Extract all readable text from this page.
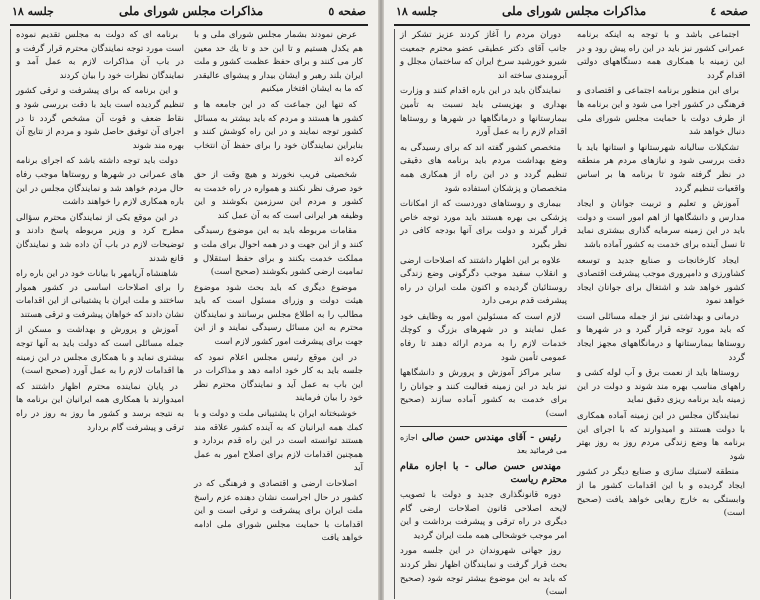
صفحه ٥
مذاكرات مجلس شوراى ملى
جلسه ١٨

عرض نمودند بشمار مجلس شوراى ملى و با هم يكدل هستيم و تا اين حد و تا يك حد معين كار مى كنند و براى حفظ عظمت كشور و ملت ايران بلند رهبر و ايشان بيدار و پيشواى عاليقدر كه ما به ايشان افتخار ميكنيم

كه تنها اين جماعت كه در اين جامعه ها و كشور ها هستند و مردم كه بايد بيشتر به مسائل كشور توجه نمايند و در اين راه كوشش كنند و بنابراين نمايندگان خود را براى حفظ آن انتخاب كرده اند

شخصيتى فريب نخورند و هيچ وقت از حق خود صرف نظر نكنند و همواره در راه خدمت به كشور و مردم اين سرزمين بكوشند و اين وظيفه هر ايرانى است كه به آن عمل كند

مقامات مربوطه بايد به اين موضوع رسيدگى كنند و از اين جهت و در همه احوال براى ملت و مملكت خدمت بكنند و براى حفظ استقلال و تماميت ارضى كشور بكوشند (صحيح است)

موضوع ديگرى كه بايد بحث شود موضوع هيئت دولت و وزراى مسئول است كه بايد مطالب را به اطلاع مجلس برسانند و نمايندگان محترم به اين مسائل رسيدگى نمايند و از اين جهت براى پيشرفت امور كشور لازم است

در اين موقع رئيس مجلس اعلام نمود كه جلسه بايد به كار خود ادامه دهد و مذاكرات در اين باب به عمل آيد و نمايندگان محترم نظر خود را بيان فرمايند

خوشبختانه ايران با پشتيبانى ملت و دولت و با كمك همه ايرانيان كه به آينده كشور علاقه مند هستند توانسته است در اين راه قدم بردارد و همچنين اقدامات لازم براى اصلاح امور به عمل آيد

اصلاحات ارضى و اقتصادى و فرهنگى كه در كشور در حال اجراست نشان دهنده عزم راسخ ملت ايران براى پيشرفت و ترقى است و اين اقدامات با حمايت مجلس شوراى ملى ادامه خواهد يافت

برنامه اى كه دولت به مجلس تقديم نموده است مورد توجه نمايندگان محترم قرار گرفت و در باب آن مذاكرات لازم به عمل آمد و نمايندگان نظرات خود را بيان كردند

و اين برنامه كه براى پيشرفت و ترقى كشور تنظيم گرديده است بايد با دقت بررسى شود و نقاط ضعف و قوت آن مشخص گردد تا در اجراى آن توفيق حاصل شود و مردم از نتايج آن بهره مند شوند

دولت بايد توجه داشته باشد كه اجراى برنامه هاى عمرانى در شهرها و روستاها موجب رفاه حال مردم خواهد شد و نمايندگان مجلس در اين باره همكارى لازم را خواهند داشت

در اين موقع يكى از نمايندگان محترم سؤالى مطرح كرد و وزير مربوطه پاسخ دادند و توضيحات لازم در باب آن داده شد و نمايندگان قانع شدند

شاهنشاه آريامهر با بيانات خود در اين باره راه را براى اصلاحات اساسى در كشور هموار ساختند و ملت ايران با پشتيبانى از اين اقدامات نشان دادند كه خواهان پيشرفت و ترقى هستند

آموزش و پرورش و بهداشت و مسكن از جمله مسائلى است كه دولت بايد به آنها توجه بيشترى نمايد و با همكارى مجلس در اين زمينه ها اقدامات لازم را به عمل آورد (صحيح است)

در پايان نماينده محترم اظهار داشتند كه اميدوارند با همكارى همه ايرانيان اين برنامه ها به نتيجه برسد و كشور ما روز به روز در راه ترقى و پيشرفت گام بردارد

صفحه ٤
مذاكرات مجلس شوراى ملى
جلسه ١٨

اجتماعى باشد و با توجه به اينكه برنامه عمرانى كشور نيز بايد در اين راه پيش رود و در اين زمينه با همكارى همه دستگاههاى دولتى اقدام گردد

براى اين منظور برنامه اجتماعى و اقتصادى و فرهنگى در كشور اجرا مى شود و اين برنامه ها از طرف دولت با حمايت مجلس شوراى ملى دنبال خواهد شد

تشكيلات ساليانه شهرستانها و استانها بايد با دقت بررسى شود و نيازهاى مردم هر منطقه در نظر گرفته شود تا برنامه ها بر اساس واقعيات تنظيم گردد

آموزش و تعليم و تربيت جوانان و ايجاد مدارس و دانشگاهها از اهم امور است و دولت بايد در اين زمينه سرمايه گذارى بيشترى نمايد تا نسل آينده براى خدمت به كشور آماده باشد

ايجاد كارخانجات و صنايع جديد و توسعه كشاورزى و دامپرورى موجب پيشرفت اقتصادى كشور خواهد شد و اشتغال براى جوانان ايجاد خواهد نمود

درمانى و بهداشتى نيز از جمله مسائلى است كه بايد مورد توجه قرار گيرد و در شهرها و روستاها بيمارستانها و درمانگاههاى مجهز ايجاد گردد

روستاها بايد از نعمت برق و آب لوله كشى و راههاى مناسب بهره مند شوند و دولت در اين زمينه بايد برنامه ريزى دقيق نمايد

نمايندگان مجلس در اين زمينه آماده همكارى با دولت هستند و اميدوارند كه با اجراى اين برنامه ها وضع زندگى مردم روز به روز بهتر شود

منطقه لاستيك سازى و صنايع ديگر در كشور ايجاد گرديده و با اين اقدامات كشور ما از وابستگى به خارج رهايى خواهد يافت (صحيح است)

دوران مردم را آغاز كردند عزيز تشكر از جانب آقاى دكتر عطيقى عضو محترم جمعيت شيرو خورشيد سرخ ايران كه ساختمان مجلل و آبرومندى ساخته اند

نمايندگان بايد در اين باره اقدام كنند و وزارت بهدارى و بهزيستى بايد نسبت به تأمين بيمارستانها و درمانگاهها در شهرها و روستاها اقدام لازم را به عمل آورد

متخصص كشور گفته اند كه براى رسيدگى به وضع بهداشت مردم بايد برنامه هاى دقيقى تنظيم گردد و در اين راه از همكارى همه متخصصان و پزشكان استفاده شود

بيمارى و روستاهاى دوردست كه از امكانات پزشكى بى بهره هستند بايد مورد توجه خاص قرار گيرند و دولت براى آنها بودجه كافى در نظر بگيرد

علاوه بر اين اظهار داشتند كه اصلاحات ارضى و انقلاب سفيد موجب دگرگونى وضع زندگى روستائيان گرديده و اكنون ملت ايران در راه پيشرفت قدم برمى دارد

لازم است كه مسئولين امور به وظايف خود عمل نمايند و در شهرهاى بزرگ و كوچك خدمات لازم را به مردم ارائه دهند تا رفاه عمومى تأمين شود

ساير مراكز آموزش و پرورش و دانشگاهها نيز بايد در اين زمينه فعاليت كنند و جوانان را براى خدمت به كشور آماده سازند (صحيح است)

رئيس - آقاى مهندس حسن صالى اجازه مى فرمائيد بعد

مهندس حسن صالى - با اجازه مقام محترم رياست

دوره قانونگذارى جديد و دولت با تصويب لايحه اصلاحى قانون اصلاحات ارضى گام ديگرى در راه ترقى و پيشرفت برداشت و اين امر موجب خوشحالى همه ملت ايران گرديد

روز جهانى شهروندان در اين جلسه مورد بحث قرار گرفت و نمايندگان اظهار نظر كردند كه بايد به اين موضوع بيشتر توجه شود (صحيح است)
